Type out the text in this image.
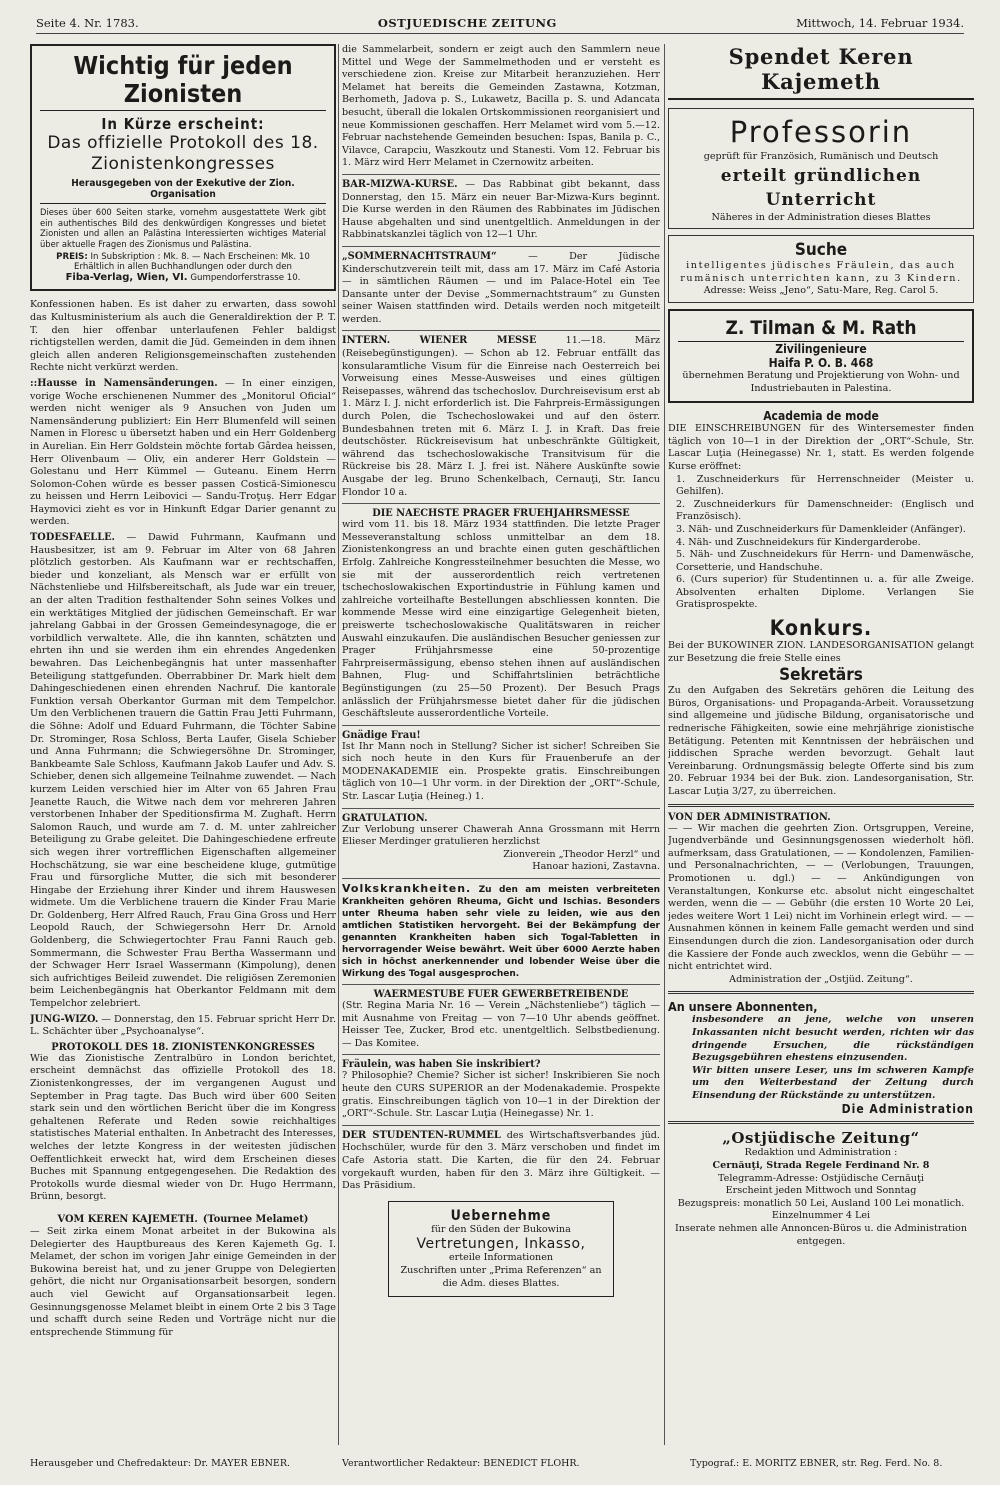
Seite 4. Nr. 1783.	OSTJUEDISCHE ZEITUNG	Mittwoch, 14. Februar 1934.
Wichtig für jeden Zionisten
In Kürze erscheint:
Das offizielle Protokoll des 18. Zionistenkongresses
Herausgegeben von der Exekutive der Zion. Organisation

Dieses über 600 Seiten starke, vornehm ausgestattete Werk gibt ein authentisches Bild des denkwürdigen Kongresses und bietet Zionisten und allen an Palästina Interessierten wichtiges Material über aktuelle Fragen des Zionismus und Palästina.

PREIS: In Subskription : Mk. 8. — Nach Erscheinen: Mk. 10
Erhältlich in allen Buchhandlungen oder durch den
Fiba-Verlag, Wien, VI. Gumpendorferstrasse 10.

Konfessionen haben. Es ist daher zu erwarten, dass sowohl das Kultusministerium als auch die Generaldirektion der P. T. T. den hier offenbar unterlaufenen Fehler baldigst richtigstellen werden, damit die Jüd. Gemeinden in dem ihnen gleich allen anderen Religionsgemeinschaften zustehenden Rechte nicht verkürzt werden.

::Hausse in Namensänderungen. — In einer einzigen, vorige Woche erschienenen Nummer des „Monitorul Oficial“ werden nicht weniger als 9 Ansuchen von Juden um Namensänderung publiziert: Ein Herr Blumenfeld will seinen Namen in Floresc u übersetzt haben und ein Herr Goldenberg in Aurelian. Ein Herr Goldstein möchte fortab Gârdea heissen, Herr Olivenbaum — Oliv, ein anderer Herr Goldstein — Golestanu und Herr Kümmel — Guteanu. Einem Herrn Solomon-Cohen würde es besser passen Costică-Simionescu zu heissen und Herrn Leibovici — Sandu-Troţuş. Herr Edgar Haymovici zieht es vor in Hinkunft Edgar Darier genannt zu werden.

TODESFAELLE. — Dawid Fuhrmann, Kaufmann und Hausbesitzer, ist am 9. Februar im Alter von 68 Jahren plötzlich gestorben. Als Kaufmann war er rechtschaffen, bieder und konzeliant, als Mensch war er erfüllt von Nächstenliebe und Hilfsbereitschaft, als Jude war ein treuer, an der alten Tradition festhaltender Sohn seines Volkes und ein werktätiges Mitglied der jüdischen Gemeinschaft. Er war jahrelang Gabbai in der Grossen Gemeindesynagoge, die er vorbildlich verwaltete. Alle, die ihn kannten, schätzten und ehrten ihn und sie werden ihm ein ehrendes Angedenken bewahren. Das Leichenbegängnis hat unter massenhafter Beteiligung stattgefunden. Oberrabbiner Dr. Mark hielt dem Dahingeschiedenen einen ehrenden Nachruf. Die kantorale Funktion versah Oberkantor Gurman mit dem Tempelchor. Um den Verblichenen trauern die Gattin Frau Jetti Fuhrmann, die Söhne: Adolf und Eduard Fuhrmann, die Töchter Sabine Dr. Strominger, Rosa Schloss, Berta Laufer, Gisela Schieber und Anna Fuhrmann; die Schwiegersöhne Dr. Strominger, Bankbeamte Sale Schloss, Kaufmann Jakob Laufer und Adv. S. Schieber, denen sich allgemeine Teilnahme zuwendet. — Nach kurzem Leiden verschied hier im Alter von 65 Jahren Frau Jeanette Rauch, die Witwe nach dem vor mehreren Jahren verstorbenen Inhaber der Speditionsfirma M. Zughaft. Herrn Salomon Rauch, und wurde am 7. d. M. unter zahlreicher Beteiligung zu Grabe geleitet. Die Dahingeschiedene erfreute sich wegen ihrer vortrefflichen Eigenschaften allgemeiner Hochschätzung, sie war eine bescheidene kluge, gutmütige Frau und fürsorgliche Mutter, die sich mit besonderer Hingabe der Erziehung ihrer Kinder und ihrem Hauswesen widmete. Um die Verblichene trauern die Kinder Frau Marie Dr. Goldenberg, Herr Alfred Rauch, Frau Gina Gross und Herr Leopold Rauch, der Schwiegersohn Herr Dr. Arnold Goldenberg, die Schwiegertochter Frau Fanni Rauch geb. Sommermann, die Schwester Frau Bertha Wassermann und der Schwager Herr Israel Wassermann (Kimpolung), denen sich aufrichtiges Beileid zuwendet. Die religiösen Zeremonien beim Leichenbegängnis hat Oberkantor Feldmann mit dem Tempelchor zelebriert.

JUNG-WIZO. — Donnerstag, den 15. Februar spricht Herr Dr. L. Schächter über „Psychoanalyse“.

PROTOKOLL DES 18. ZIONISTENKONGRESSES

Wie das Zionistische Zentralbüro in London berichtet, erscheint demnächst das offizielle Protokoll des 18. Zionistenkongresses, der im vergangenen August und September in Prag tagte. Das Buch wird über 600 Seiten stark sein und den wörtlichen Bericht über die im Kongress gehaltenen Referate und Reden sowie reichhaltiges statistisches Material enthalten. In Anbetracht des Interesses, welches der letzte Kongress in der weitesten jüdischen Oeffentlichkeit erweckt hat, wird dem Erscheinen dieses Buches mit Spannung entgegengesehen. Die Redaktion des Protokolls wurde diesmal wieder von Dr. Hugo Herrmann, Brünn, besorgt.

VOM KEREN KAJEMETH. (Tournee Melamet)

— Seit zirka einem Monat arbeitet in der Bukowina als Delegierter des Hauptbureaus des Keren Kajemeth Gg. I. Melamet, der schon im vorigen Jahr einige Gemeinden in der Bukowina bereist hat, und zu jener Gruppe von Delegierten gehört, die nicht nur Organisationsarbeit besorgen, sondern auch viel Gewicht auf Organsationsarbeit legen. Gesinnungsgenosse Melamet bleibt in einem Orte 2 bis 3 Tage und schafft durch seine Reden und Vorträge nicht nur die entsprechende Stimmung für

die Sammelarbeit, sondern er zeigt auch den Sammlern neue Mittel und Wege der Sammelmethoden und er versteht es verschiedene zion. Kreise zur Mitarbeit heranzuziehen. Herr Melamet hat bereits die Gemeinden Zastawna, Kotzman, Berhometh, Jadova p. S., Lukawetz, Bacilla p. S. und Adancata besucht, überall die lokalen Ortskommissionen reorganisiert und neue Kommissionen geschaffen. Herr Melamet wird vom 5.—12. Februar nachstehende Gemeinden besuchen: Ispas, Banila p. C., Vilavce, Carapciu, Waszkoutz und Stanesti. Vom 12. Februar bis 1. März wird Herr Melamet in Czernowitz arbeiten.

BAR-MIZWA-KURSE. — Das Rabbinat gibt bekannt, dass Donnerstag, den 15. März ein neuer Bar-Mizwa-Kurs beginnt. Die Kurse werden in den Räumen des Rabbinates im Jüdischen Hause abgehalten und sind unentgeltlich. Anmeldungen in der Rabbinatskanzlei täglich von 12—1 Uhr.

„SOMMERNACHTSTRAUM“	— Der Jüdische Kinderschutzverein teilt mit, dass am 17. März im Café Astoria — in sämtlichen Räumen — und im Palace-Hotel ein Tee Dansante unter der Devise „Sommernachtstraum“ zu Gunsten seiner Waisen stattfinden wird. Details werden noch mitgeteilt werden.

INTERN. WIENER MESSE	11.—18. März (Reisebegünstigungen). — Schon ab 12. Februar entfällt das konsularamtliche Visum für die Einreise nach Oesterreich bei Vorweisung eines Messe-Ausweises und eines gültigen Reisepasses, während das tschechoslov. Durchreisevisum erst ab 1. März I. J. nicht erforderlich ist. Die Fahrpreis-Ermässigungen durch Polen, die Tschechoslowakei und auf den österr. Bundesbahnen treten mit 6. März I. J. in Kraft. Das freie deutschöster. Rückreisevisum hat unbeschränkte Gültigkeit, während das tschechoslowakische Transitvisum für die Rückreise bis 28. März I. J. frei ist. Nähere Auskünfte sowie Ausgabe der leg. Bruno Schenkelbach, Cernauţi, Str. Iancu Flondor 10 a.

DIE NAECHSTE PRAGER FRUEHJAHRSMESSE

wird vom 11. bis 18. März 1934 stattfinden. Die letzte Prager Messeveranstaltung schloss unmittelbar an dem 18. Zionistenkongress an und brachte einen guten geschäftlichen Erfolg. Zahlreiche Kongressteilnehmer besuchten die Messe, wo sie mit der ausserordentlich reich vertretenen tschechoslowakischen Exportindustrie in Fühlung kamen und zahlreiche vorteilhafte Bestellungen abschliessen konnten. Die kommende Messe wird eine einzigartige Gelegenheit bieten, preiswerte tschechoslowakische Qualitätswaren in reicher Auswahl einzukaufen. Die ausländischen Besucher geniessen zur Prager Frühjahrsmesse eine 50-prozentige Fahrpreisermässigung, ebenso stehen ihnen auf ausländischen Bahnen, Flug- und Schiffahrtslinien beträchtliche Begünstigungen (zu 25—50 Prozent). Der Besuch Prags anlässlich der Frühjahrsmesse bietet daher für die jüdischen Geschäftsleute ausserordentliche Vorteile.

Gnädige Frau!

Ist Ihr Mann noch in Stellung? Sicher ist sicher! Schreiben Sie sich noch heute in den Kurs für Frauenberufe an der MODENAKADEMIE ein. Prospekte gratis. Einschreibungen täglich von 10—1 Uhr vorm. in der Direktion der „ORT“-Schule, Str. Lascar Luţia (Heineg.) 1.

GRATULATION.

Zur Verlobung unserer Chawerah Anna Grossmann mit Herrn Elieser Merdinger gratulieren herzlichst

Zionverein „Theodor Herzl“ und
Hanoar hazioni, Zastavna.

Volkskrankheiten. Zu den am meisten verbreiteten Krankheiten gehören Rheuma, Gicht und Ischias. Besonders unter Rheuma haben sehr viele zu leiden, wie aus den amtlichen Statistiken hervorgeht. Bei der Bekämpfung der genannten Krankheiten haben sich Togal-Tabletten in hervorragender Weise bewährt. Weit über 6000 Aerzte haben sich in höchst anerkennender und lobender Weise über die Wirkung des Togal ausgesprochen.

WAERMESTUBE FUER GEWERBETREIBENDE

(Str. Regina Maria Nr. 16 — Verein „Nächstenliebe“) täglich — mit Ausnahme von Freitag — von 7—10 Uhr abends geöffnet. Heisser Tee, Zucker, Brod etc. unentgeltlich. Selbstbedienung. — Das Komitee.

Fräulein, was haben Sie inskribiert?

? Philosophie? Chemie? Sicher ist sicher! Inskribieren Sie noch heute den CURS SUPERIOR an der Modenakademie. Prospekte gratis. Einschreibungen täglich von 10—1 in der Direktion der „ORT“-Schule. Str. Lascar Luţia (Heinegasse) Nr. 1.

DER STUDENTEN-RUMMEL des Wirtschaftsverbandes jüd. Hochschüler, wurde für den 3. März verschoben und findet im Cafe Astoria statt. Die Karten, die für den 24. Februar vorgekauft wurden, haben für den 3. März ihre Gültigkeit. — Das Präsidium.

Uebernehme
für den Süden der Bukowina
Vertretungen, Inkasso,
erteile Informationen
Zuschriften unter „Prima Referenzen“ an die Adm. dieses Blattes.
Spendet Keren Kajemeth
Professorin
geprüft für Französich, Rumänisch und Deutsch
erteilt gründlichen Unterricht
Näheres in der Administration dieses Blattes
Suche
intelligentes jüdisches Fräulein, das auch rumänisch unterrichten kann, zu 3 Kindern.
Adresse: Weiss „Jeno“, Satu-Mare, Reg. Carol 5.
Z. Tilman & M. Rath
Zivilingenieure
Haifa P. O. B. 468
übernehmen Beratung und Projektierung von Wohn- und Industriebauten in Palestina.
Academia de mode

DIE EINSCHREIBUNGEN für des Wintersemester finden täglich von 10—1 in der Direktion der „ORT“-Schule, Str. Lascar Luţia (Heinegasse) Nr. 1, statt. Es werden folgende Kurse eröffnet:

1. Zuschneiderkurs für Herrenschneider (Meister u. Gehilfen).
2. Zuschneiderkurs für Damenschneider: (Englisch und Französisch).
3. Näh- und Zuschneiderkurs für Damenkleider (Anfänger).
4. Näh- und Zuschneidekurs für Kindergarderobe.
5. Näh- und Zuschneidekurs für Herrn- und Damenwäsche, Corsetterie, und Handschuhe.
6. (Curs superior) für Studentinnen u. a. für alle Zweige. Absolventen erhalten Diplome. Verlangen Sie Gratisprospekte.
Konkurs.

Bei der BUKOWINER ZION. LANDESORGANISATION gelangt zur Besetzung die freie Stelle eines

Sekretärs

Zu den Aufgaben des Sekretärs gehören die Leitung des Büros, Organisations- und Propaganda-Arbeit. Voraussetzung sind allgemeine und jüdische Bildung, organisatorische und rednerische Fähigkeiten, sowie eine mehrjährige zionistische Betätigung. Petenten mit Kenntnissen der hebräischen und jiddischen Sprache werden bevorzugt. Gehalt laut Vereinbarung. Ordnungsmässig belegte Offerte sind bis zum 20. Februar 1934 bei der Buk. zion. Landesorganisation, Str. Lascar Luţia 3/27, zu überreichen.

VON DER ADMINISTRATION.

— — Wir machen die geehrten Zion. Ortsgruppen, Vereine, Jugendverbände und Gesinnungsgenossen wiederholt höfl. aufmerksam, dass Gratulationen, — — Kondolenzen, Familien- und Personalnachrichten, — — (Verlobungen, Trauungen, Promotionen u. dgl.) — — Ankündigungen von Veranstaltungen, Konkurse etc. absolut nicht eingeschaltet werden, wenn die — — Gebühr (die ersten 10 Worte 20 Lei, jedes weitere Wort 1 Lei) nicht im Vorhinein erlegt wird. — — Ausnahmen können in keinem Falle gemacht werden und sind Einsendungen durch die zion. Landesorganisation oder durch die Kassiere der Fonde auch zwecklos, wenn die Gebühr — — nicht entrichtet wird.

Administration der „Ostjüd. Zeitung“.
An unsere Abonnenten,

insbesondere an jene, welche von unseren Inkassanten nicht besucht werden, richten wir das dringende Ersuchen, die rückständigen Bezugsgebühren ehestens einzusenden.

Wir bitten unsere Leser, uns im schweren Kampfe um den Weiterbestand der Zeitung durch Einsendung der Rückstände zu unterstützen.

Die Administration
„Ostjüdische Zeitung“
Redaktion und Administration :
Cernăuţi, Strada Regele Ferdinand Nr. 8
Telegramm-Adresse: Ostjüdische Cernăuţi
Erscheint jeden Mittwoch und Sonntag
Bezugspreis: monatlich 50 Lei, Ausland 100 Lei monatlich. Einzelnummer 4 Lei
Inserate nehmen alle Annoncen-Büros u. die Administration entgegen.
Herausgeber und Chefredakteur: Dr. MAYER EBNER.	Verantwortlicher Redakteur: BENEDICT FLOHR.	Typograf.: E. MORITZ EBNER, str. Reg. Ferd. No. 8.
